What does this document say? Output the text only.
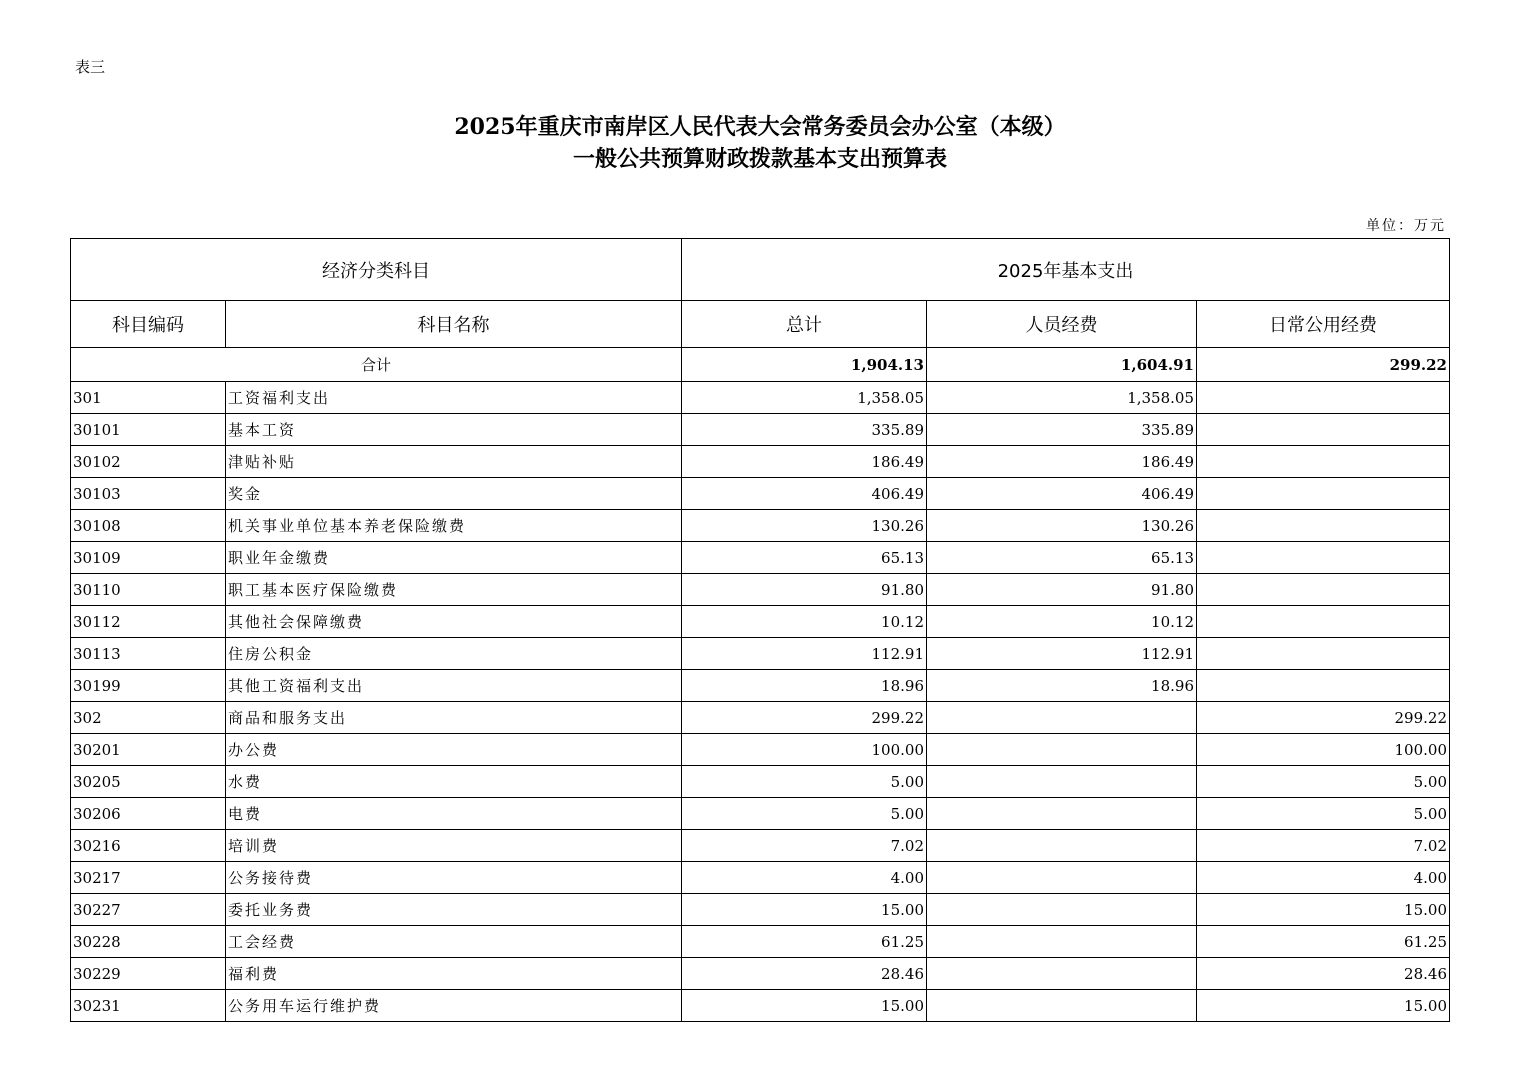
表三
2025年重庆市南岸区人民代表大会常务委员会办公室（本级）
一般公共预算财政拨款基本支出预算表
单位：万元
经济分类科目		2025年基本支出		
科目编码	科目名称	总计	人员经费	日常公用经费
合计		1,904.13	1,604.91	299.22
301	工资福利支出	1,358.05	1,358.05	
30101	基本工资	335.89	335.89	
30102	津贴补贴	186.49	186.49	
30103	奖金	406.49	406.49	
30108	机关事业单位基本养老保险缴费	130.26	130.26	
30109	职业年金缴费	65.13	65.13	
30110	职工基本医疗保险缴费	91.80	91.80	
30112	其他社会保障缴费	10.12	10.12	
30113	住房公积金	112.91	112.91	
30199	其他工资福利支出	18.96	18.96	
302	商品和服务支出	299.22		299.22
30201	办公费	100.00		100.00
30205	水费	5.00		5.00
30206	电费	5.00		5.00
30216	培训费	7.02		7.02
30217	公务接待费	4.00		4.00
30227	委托业务费	15.00		15.00
30228	工会经费	61.25		61.25
30229	福利费	28.46		28.46
30231	公务用车运行维护费	15.00		15.00
